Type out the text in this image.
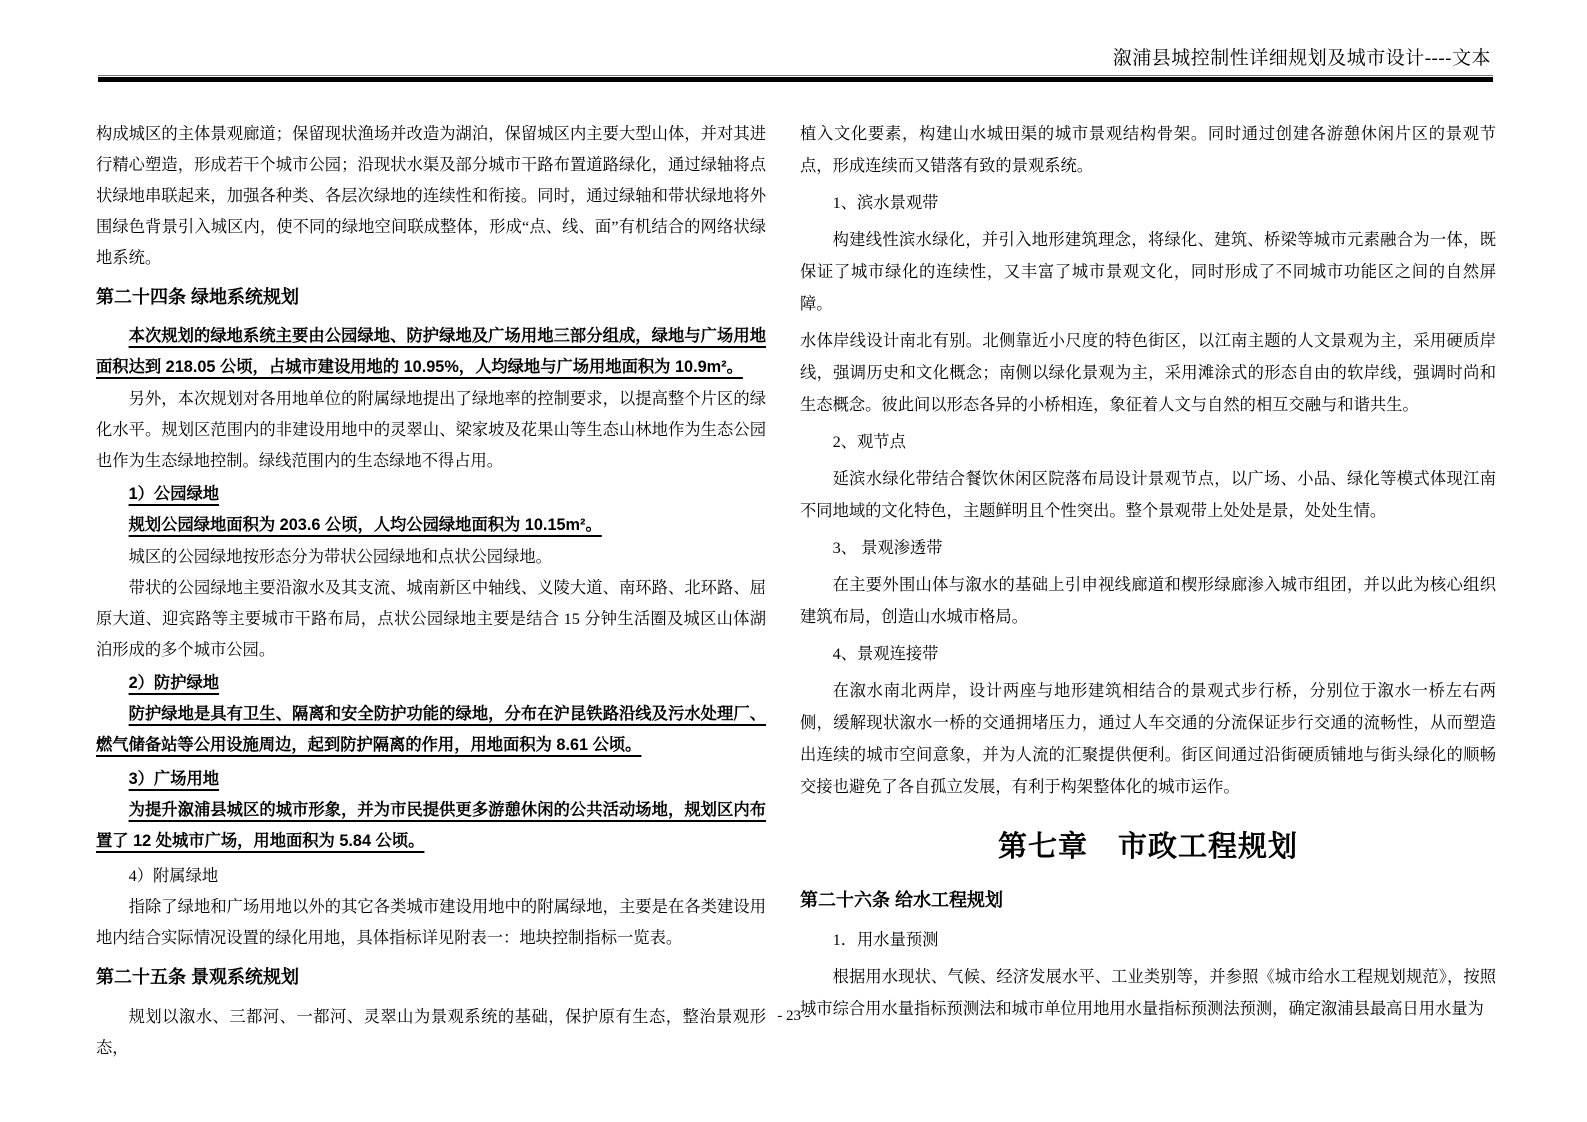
溆浦县城控制性详细规划及城市设计----文本

构成城区的主体景观廊道；保留现状渔场并改造为湖泊，保留城区内主要大型山体，并对其进行精心塑造，形成若干个城市公园；沿现状水渠及部分城市干路布置道路绿化，通过绿轴将点状绿地串联起来，加强各种类、各层次绿地的连续性和衔接。同时，通过绿轴和带状绿地将外围绿色背景引入城区内，使不同的绿地空间联成整体，形成“点、线、面”有机结合的网络状绿地系统。

第二十四条 绿地系统规划

本次规划的绿地系统主要由公园绿地、防护绿地及广场用地三部分组成，绿地与广场用地面积达到 218.05 公顷，占城市建设用地的 10.95%，人均绿地与广场用地面积为 10.9m²。

另外，本次规划对各用地单位的附属绿地提出了绿地率的控制要求，以提高整个片区的绿化水平。规划区范围内的非建设用地中的灵翠山、梁家坡及花果山等生态山林地作为生态公园也作为生态绿地控制。绿线范围内的生态绿地不得占用。

1）公园绿地

规划公园绿地面积为 203.6 公顷，人均公园绿地面积为 10.15m²。

城区的公园绿地按形态分为带状公园绿地和点状公园绿地。

带状的公园绿地主要沿溆水及其支流、城南新区中轴线、义陵大道、南环路、北环路、屈原大道、迎宾路等主要城市干路布局，点状公园绿地主要是结合 15 分钟生活圈及城区山体湖泊形成的多个城市公园。

2）防护绿地

防护绿地是具有卫生、隔离和安全防护功能的绿地，分布在沪昆铁路沿线及污水处理厂、燃气储备站等公用设施周边，起到防护隔离的作用，用地面积为 8.61 公顷。

3）广场用地

为提升溆浦县城区的城市形象，并为市民提供更多游憩休闲的公共活动场地，规划区内布置了 12 处城市广场，用地面积为 5.84 公顷。

4）附属绿地

指除了绿地和广场用地以外的其它各类城市建设用地中的附属绿地，主要是在各类建设用地内结合实际情况设置的绿化用地，具体指标详见附表一：地块控制指标一览表。

第二十五条 景观系统规划

规划以溆水、三都河、一都河、灵翠山为景观系统的基础，保护原有生态，整治景观形态，

植入文化要素，构建山水城田渠的城市景观结构骨架。同时通过创建各游憩休闲片区的景观节点，形成连续而又错落有致的景观系统。

1、滨水景观带

构建线性滨水绿化，并引入地形建筑理念，将绿化、建筑、桥梁等城市元素融合为一体，既保证了城市绿化的连续性，又丰富了城市景观文化，同时形成了不同城市功能区之间的自然屏障。

水体岸线设计南北有别。北侧靠近小尺度的特色街区，以江南主题的人文景观为主，采用硬质岸线，强调历史和文化概念；南侧以绿化景观为主，采用滩涂式的形态自由的软岸线，强调时尚和生态概念。彼此间以形态各异的小桥相连，象征着人文与自然的相互交融与和谐共生。

2、观节点

延滨水绿化带结合餐饮休闲区院落布局设计景观节点，以广场、小品、绿化等模式体现江南不同地域的文化特色，主题鲜明且个性突出。整个景观带上处处是景，处处生情。

3、 景观渗透带

在主要外围山体与溆水的基础上引申视线廊道和楔形绿廊渗入城市组团，并以此为核心组织建筑布局，创造山水城市格局。

4、景观连接带

在溆水南北两岸，设计两座与地形建筑相结合的景观式步行桥，分别位于溆水一桥左右两侧，缓解现状溆水一桥的交通拥堵压力，通过人车交通的分流保证步行交通的流畅性，从而塑造出连续的城市空间意象，并为人流的汇聚提供便利。街区间通过沿街硬质铺地与街头绿化的顺畅交接也避免了各自孤立发展，有利于构架整体化的城市运作。

第七章　市政工程规划
第二十六条 给水工程规划

1．用水量预测

根据用水现状、气候、经济发展水平、工业类别等，并参照《城市给水工程规划规范》，按照城市综合用水量指标预测法和城市单位用地用水量指标预测法预测，确定溆浦县最高日用水量为

- 23 -
